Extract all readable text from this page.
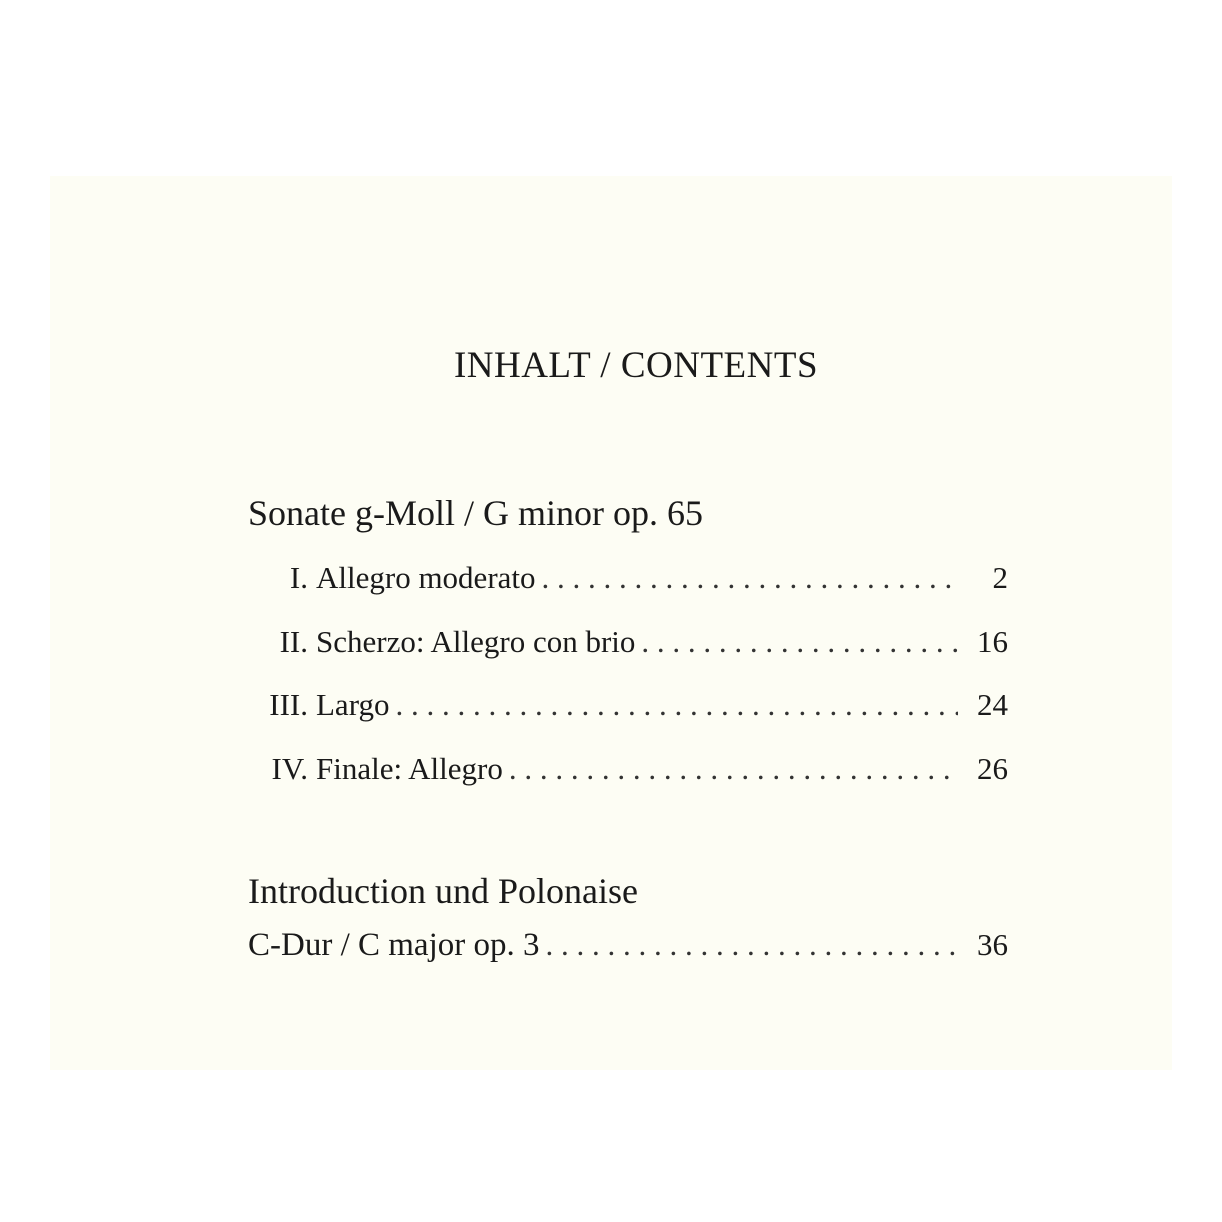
INHALT / CONTENTS
Sonate g-Moll / G minor op. 65
I. Allegro moderato . . .	2
II. Scherzo: Allegro con brio . . .	16
III. Largo . . .	24
IV. Finale: Allegro . . .	26
Introduction und Polonaise
C-Dur / C major op. 3 . . .	36
